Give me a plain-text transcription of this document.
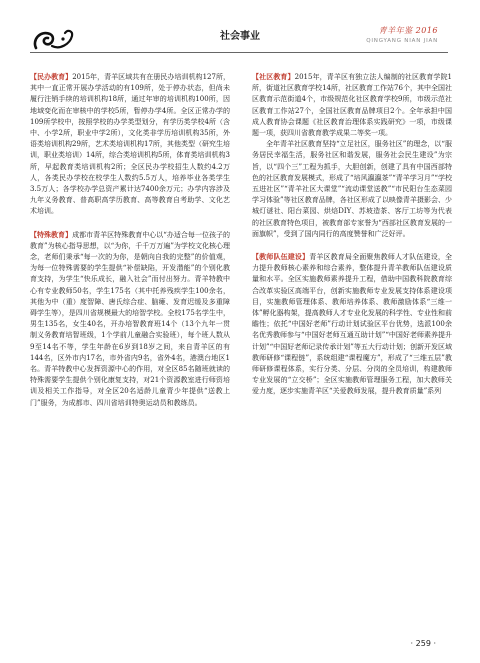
社会事业
青羊年鉴 2016
QINGYANG NIAN JIAN

【民办教育】2015年，青羊区域共有在册民办培训机构127所，其中一直正常开展办学活动的有109所，处于停办状态，但尚未履行注销手续的培训机构18所，通过年审的培训机构100所，因地域变化而在审核中的学校5所，暂停办学4所。全区正常办学的109所学校中，按照学校的办学类型划分，有学历类学校4所（含中、小学2所，职业中学2所），文化类非学历培训机构35所，外语类培训机构29所，艺术类培训机构17所，其他类型（研究生培训，职业类培训）14所，综合类培训机构5所，体育类培训机构3所，早起教育类培训机构2所；全区民办学校招生人数约4.2万人，各类民办学校在校学生人数约5.5万人，培养毕业各类学生3.5万人；各学校办学总资产累计达7400余万元；办学内容涉及九年义务教育、普高职高学历教育、高等教育自考助学、文化艺术培训。

【特殊教育】成都市青羊区特殊教育中心以“办适合每一位孩子的教育”为核心指导思想，以“为你，千千万万遍”为学校文化核心理念，老师们秉承“每一次的为你，是朝向自我的完整”的价值观，为每一位特殊需要的学生提供“补偿缺陷，开发潜能”的个别化教育支持，为学生“快乐成长，融入社会”而付出努力。青羊特教中心有专业教师50名，学生175名（其中托养残疾学生100余名，其他为中（重）度智障、唐氏综合症、脑瘫、发育迟缓及多重障碍学生等），是四川省规模最大的培智学校。全校175名学生中，男生135名，女生40名，开办培智教育班14个（13个九年一贯制义务教育培智班级，1个学前儿童融合实验班），每个班人数从9至14名不等，学生年龄在6岁到18岁之间，来自青羊区的有144名，区外市内17名，市外省内9名，省外4名，港澳台地区1名。青羊特教中心发挥资源中心的作用，对全区85名随班就读的特殊需要学生提供个别化康复支持，对21个资源教室进行师资培训及相关工作指导，对全区20名适龄儿童青少年提供“送教上门”服务，为成都市、四川省培训特奥运动员和教练员。

【社区教育】2015年，青羊区有独立法人编制的社区教育学院1所，街道社区教育学校14所，社区教育工作站76个，其中全国社区教育示范街道4个，市级规范化社区教育学校9所，市级示范社区教育工作站27个，全国社区教育品牌项目2个。全年承担中国成人教育协会课题《社区教育治理体系实践研究》一项，市级课题一项，获四川省教育教学成果二等奖一项。

全年青羊社区教育坚持“立足社区，服务社区”的理念，以“服务居民幸福生活，服务社区和谐发展，服务社会民生建设”为宗旨，以“四个三”工程为抓手，大胆创新，创建了具有中国西部特色的社区教育发展模式，形成了“培风瀛瀛茶”“青羊学习月”“学校五进社区”“青羊社区大课堂”“流动课堂送教”“市民阳台生态菜园学习体验”等社区教育品牌，各社区形成了以映像青羊摄影会、少城灯谜社、阳台菜园、烘焙DIY、苏坡造茶、客厅工坊等为代表的社区教育特色项目，被教育部专家誉为“西部社区教育发展的一面旗帜”，受到了国内同行的高度赞誉和广泛好评。

【教师队伍建设】青羊区教育局全面聚焦教师人才队伍建设，全力提升教师核心素养和综合素养，整体提升青羊教师队伍建设质量和水平。全区实施教师素养提升工程，借助中国教科院教育综合改革实验区高端平台，创新实施教师专业发展支持体系建设项目，实施教师管理体系、教师培养体系、教师激励体系“三维一体”孵化器构架，提高教师人才专业化发展的科学性、专业性和前瞻性；依托“中国好老师”行动计划试验区平台优势，选派100余名优秀教师参与“中国好老师互通互助计划”“中国好老师素养提升计划”“中国好老师记录传承计划”等五大行动计划；创新开发区域教师研修“课程链”，系统组建“课程魔方”，形成了“三维五层”教师研修课程体系，实行分类、分层、分岗的全员培训，构建教师专业发展的“立交桥”；全区实施教师管理服务工程，加大教师关爱力度，逐步实施青羊区“关爱教师发展，提升教育质量”系列

· 259 ·
